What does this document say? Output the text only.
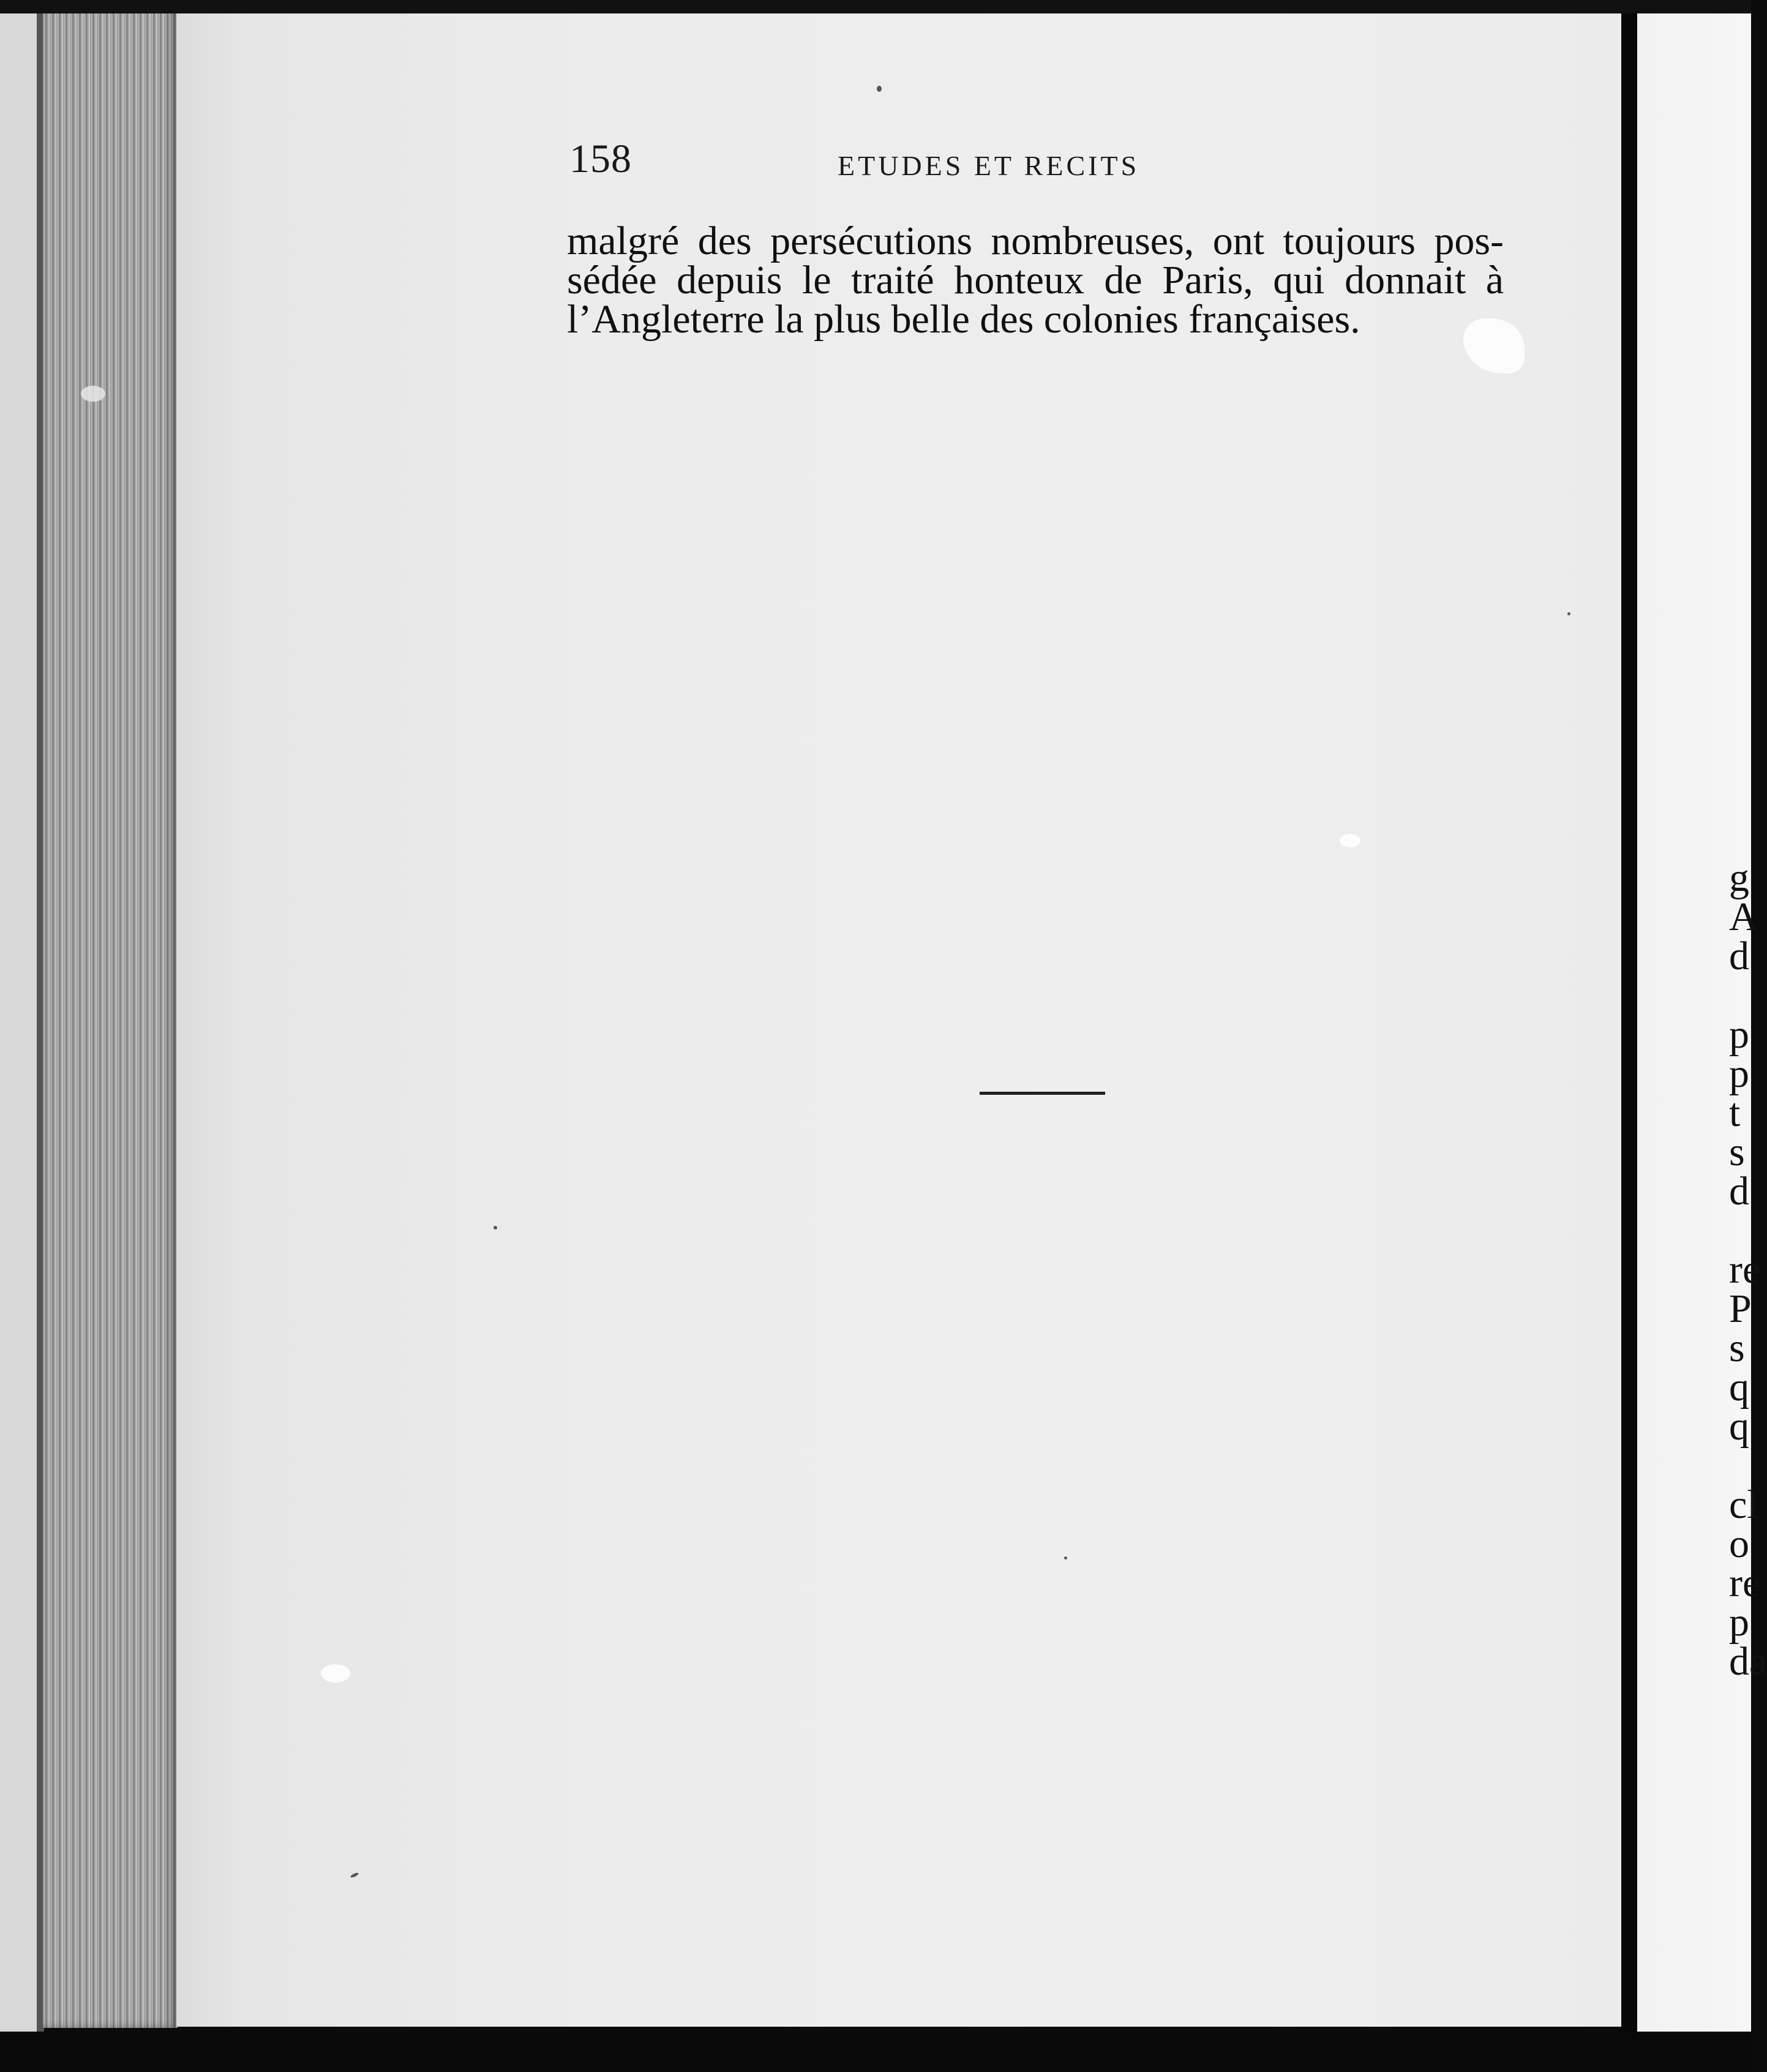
158	ETUDES ET RECITS
malgré des persécutions nombreuses, ont toujours pos-
sédée depuis le traité honteux de Paris, qui donnait à
l’Angleterre la plus belle des colonies françaises.
g
A
d
p
p
t
s
d
re
P
s
q
q
cl
o
re
p
da
